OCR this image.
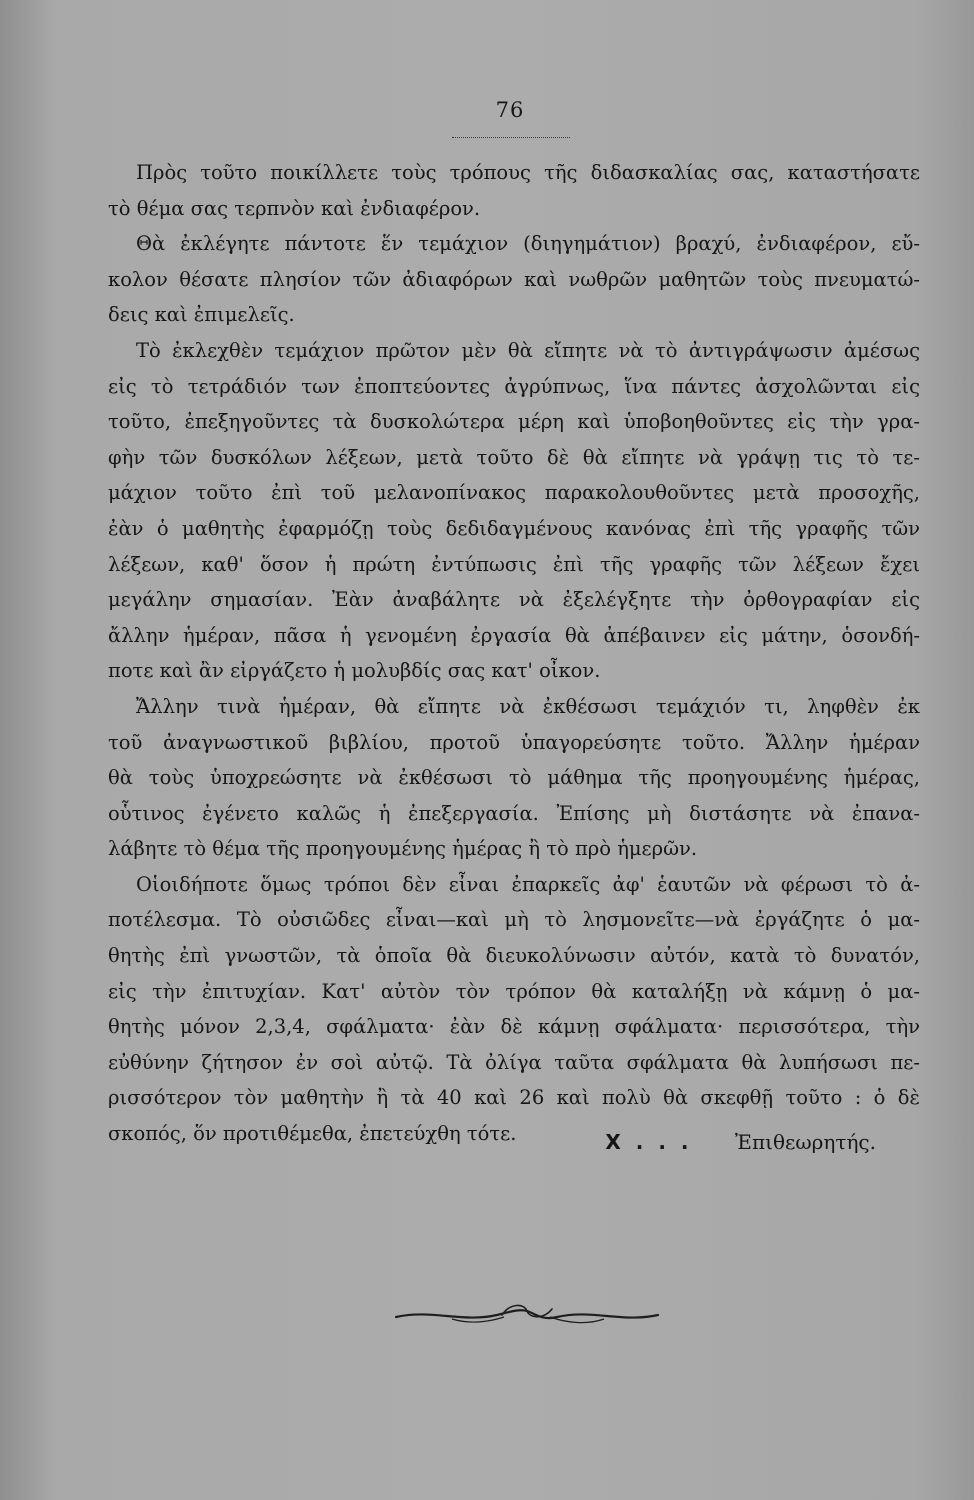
76
Πρὸς τοῦτο ποικίλλετε τοὺς τρόπους τῆς διδασκαλίας σας, καταστήσατε
τὸ θέμα σας τερπνὸν καὶ ἐνδιαφέρον.
Θὰ ἐκλέγητε πάντοτε ἕν τεμάχιον (διηγημάτιον) βραχύ, ἐνδιαφέρον, εὔ-
κολον θέσατε πλησίον τῶν ἀδιαφόρων καὶ νωθρῶν μαθητῶν τοὺς πνευματώ-
δεις καὶ ἐπιμελεῖς.
Τὸ ἐκλεχθὲν τεμάχιον πρῶτον μὲν θὰ εἴπητε νὰ τὸ ἀντιγράψωσιν ἀμέσως
εἰς τὸ τετράδιόν των ἐποπτεύοντες ἀγρύπνως, ἵνα πάντες ἀσχολῶνται εἰς
τοῦτο, ἐπεξηγοῦντες τὰ δυσκολώτερα μέρη καὶ ὑποβοηθοῦντες εἰς τὴν γρα-
φὴν τῶν δυσκόλων λέξεων, μετὰ τοῦτο δὲ θὰ εἴπητε νὰ γράψῃ τις τὸ τε-
μάχιον τοῦτο ἐπὶ τοῦ μελανοπίνακος παρακολουθοῦντες μετὰ προσοχῆς,
ἐὰν ὁ μαθητὴς ἐφαρμόζῃ τοὺς δεδιδαγμένους κανόνας ἐπὶ τῆς γραφῆς τῶν
λέξεων, καθ' ὅσον ἡ πρώτη ἐντύπωσις ἐπὶ τῆς γραφῆς τῶν λέξεων ἔχει
μεγάλην σημασίαν. Ἐὰν ἀναβάλητε νὰ ἐξελέγξητε τὴν ὀρθογραφίαν εἰς
ἄλλην ἡμέραν, πᾶσα ἡ γενομένη ἐργασία θὰ ἀπέβαινεν εἰς μάτην, ὁσονδή-
ποτε καὶ ἂν εἰργάζετο ἡ μολυβδίς σας κατ' οἶκον.
Ἄλλην τινὰ ἡμέραν, θὰ εἴπητε νὰ ἐκθέσωσι τεμάχιόν τι, ληφθὲν ἐκ
τοῦ ἀναγνωστικοῦ βιβλίου, προτοῦ ὑπαγορεύσητε τοῦτο. Ἄλλην ἡμέραν
θὰ τοὺς ὑποχρεώσητε νὰ ἐκθέσωσι τὸ μάθημα τῆς προηγουμένης ἡμέρας,
οὗτινος ἐγένετο καλῶς ἡ ἐπεξεργασία. Ἐπίσης μὴ διστάσητε νὰ ἐπανα-
λάβητε τὸ θέμα τῆς προηγουμένης ἡμέρας ἢ τὸ πρὸ ἡμερῶν.
Οἱοιδήποτε ὅμως τρόποι δὲν εἶναι ἐπαρκεῖς ἀφ' ἑαυτῶν νὰ φέρωσι τὸ ἀ-
ποτέλεσμα. Τὸ οὐσιῶδες εἶναι—καὶ μὴ τὸ λησμονεῖτε—νὰ ἐργάζητε ὁ μα-
θητὴς ἐπὶ γνωστῶν, τὰ ὁποῖα θὰ διευκολύνωσιν αὐτόν, κατὰ τὸ δυνατόν,
εἰς τὴν ἐπιτυχίαν. Κατ' αὐτὸν τὸν τρόπον θὰ καταλήξῃ νὰ κάμνῃ ὁ μα-
θητὴς μόνον 2,3,4, σφάλματα· ἐὰν δὲ κάμνῃ σφάλματα· περισσότερα, τὴν
εὐθύνην ζήτησον ἐν σοὶ αὐτῷ. Τὰ ὀλίγα ταῦτα σφάλματα θὰ λυπήσωσι πε-
ρισσότερον τὸν μαθητὴν ἢ τὰ 40 καὶ 26 καὶ πολὺ θὰ σκεφθῇ τοῦτο : ὁ δὲ
σκοπός, ὅν προτιθέμεθα, ἐπετεύχθη τότε.	X . . . Ἐπιθεωρητής.
